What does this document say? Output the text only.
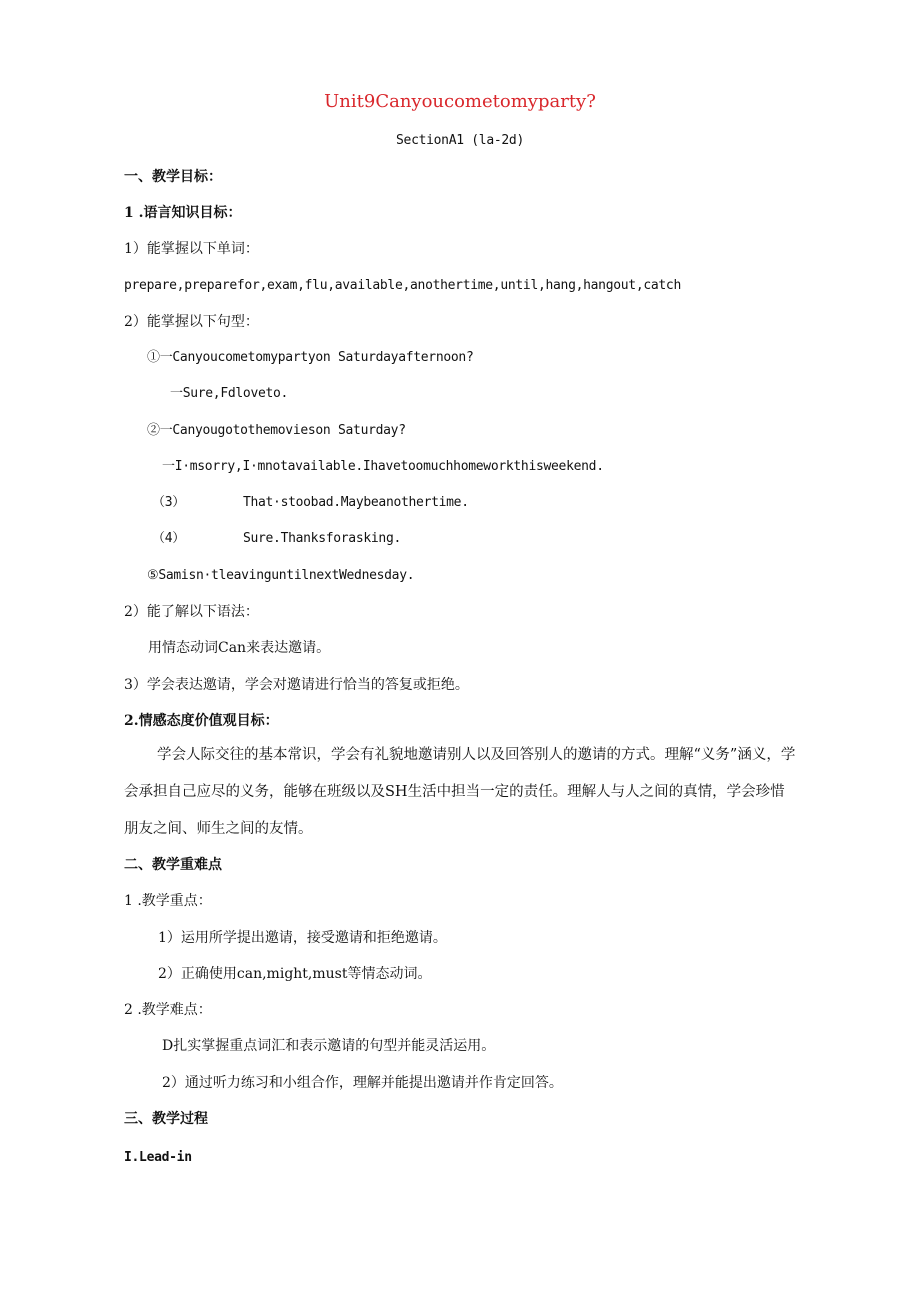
Unit9Canyoucometomyparty?
SectionA1 (la-2d)
一、教学目标：
1 .语言知识目标：
1）能掌握以下单词：
prepare,preparefor,exam,flu,available,anothertime,until,hang,hangout,catch
2）能掌握以下句型：
①一Canyoucometomypartyon Saturdayafternoon?
一Sure,Fdloveto.
②一Canyougotothemovieson Saturday?
一I·msorry,I·mnotavailable.Ihavetoomuchhomeworkthisweekend.
（3）	That·stoobad.Maybeanothertime.
（4）	Sure.Thanksforasking.
⑤Samisn·tleavinguntilnextWednesday.
2）能了解以下语法：
用情态动词Can来表达邀请。
3）学会表达邀请，学会对邀请进行恰当的答复或拒绝。
2.情感态度价值观目标：
学会人际交往的基本常识，学会有礼貌地邀请别人以及回答别人的邀请的方式。理解“义务”涵义，学会承担自己应尽的义务，能够在班级以及SH生活中担当一定的责任。理解人与人之间的真情，学会珍惜朋友之间、师生之间的友情。
二、教学重难点
1 .教学重点：
1）运用所学提出邀请，接受邀请和拒绝邀请。
2）正确使用can,might,must等情态动词。
2 .教学难点：
D扎实掌握重点词汇和表示邀请的句型并能灵活运用。
2）通过听力练习和小组合作，理解并能提出邀请并作肯定回答。
三、教学过程
I.Lead-in
